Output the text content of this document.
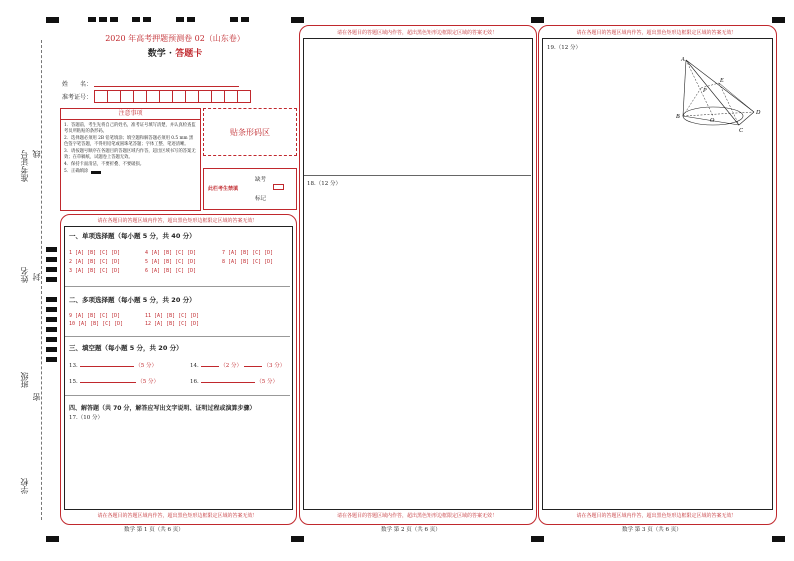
准考证号 线
姓名 封
班级
密
学校
2020 年高考押题预测卷 02（山东卷）
数学 · 答题卡
姓　　名：
准考证号：
注意事项
1．答题前，考生先将自己的姓名，准考证号填写清楚，并认真检查监考员所粘贴的条形码。
2．选择题必须用 2B 铅笔填涂；填空题和解答题必须用 0.5 mm 黑色签字笔答题，不得用铅笔或圆珠笔答题；字体工整、笔迹清晰。
3．请按题号顺序在各题目的答题区域内作答，超出区域书写的答案无效；在草稿纸、试题卷上答题无效。
4．保持卡面清洁，不要折叠、不要破损。
5．正确填涂
贴条形码区
此栏考生禁填
缺考
标记
请在各题目的答题区域内作答，超出黑色矩形边框限定区域的答案无效！
请在各题目的答题区域内作答，超出黑色矩形边框限定区域的答案无效！
一、单项选择题（每小题 5 分，共 40 分）
1 [A] [B] [C] [D]
2 [A] [B] [C] [D]
3 [A] [B] [C] [D]
4 [A] [B] [C] [D]
5 [A] [B] [C] [D]
6 [A] [B] [C] [D]
7 [A] [B] [C] [D]
8 [A] [B] [C] [D]
二、多项选择题（每小题 5 分，共 20 分）
9 [A] [B] [C] [D]
10 [A] [B] [C] [D]
11 [A] [B] [C] [D]
12 [A] [B] [C] [D]
三、填空题（每小题 5 分，共 20 分）
13.	（5 分）	14.	（2 分）	（3 分）
15.	（5 分）	16.	（5 分）
四、解答题（共 70 分，解答应写出文字说明、证明过程或演算步骤）
17.（10 分）
数学 第 1 页（共 6 页）
请在各题目的答题区域内作答，超出黑色矩形边框限定区域的答案无效！
请在各题目的答题区域内作答，超出黑色矩形边框限定区域的答案无效！
18.（12 分）
数学 第 2 页（共 6 页）
请在各题目的答题区域内作答，超出黑色矩形边框限定区域的答案无效！
请在各题目的答题区域内作答，超出黑色矩形边框限定区域的答案无效！
19.（12 分）
数学 第 3 页（共 6 页）
A
E
P
B
O
D
C
